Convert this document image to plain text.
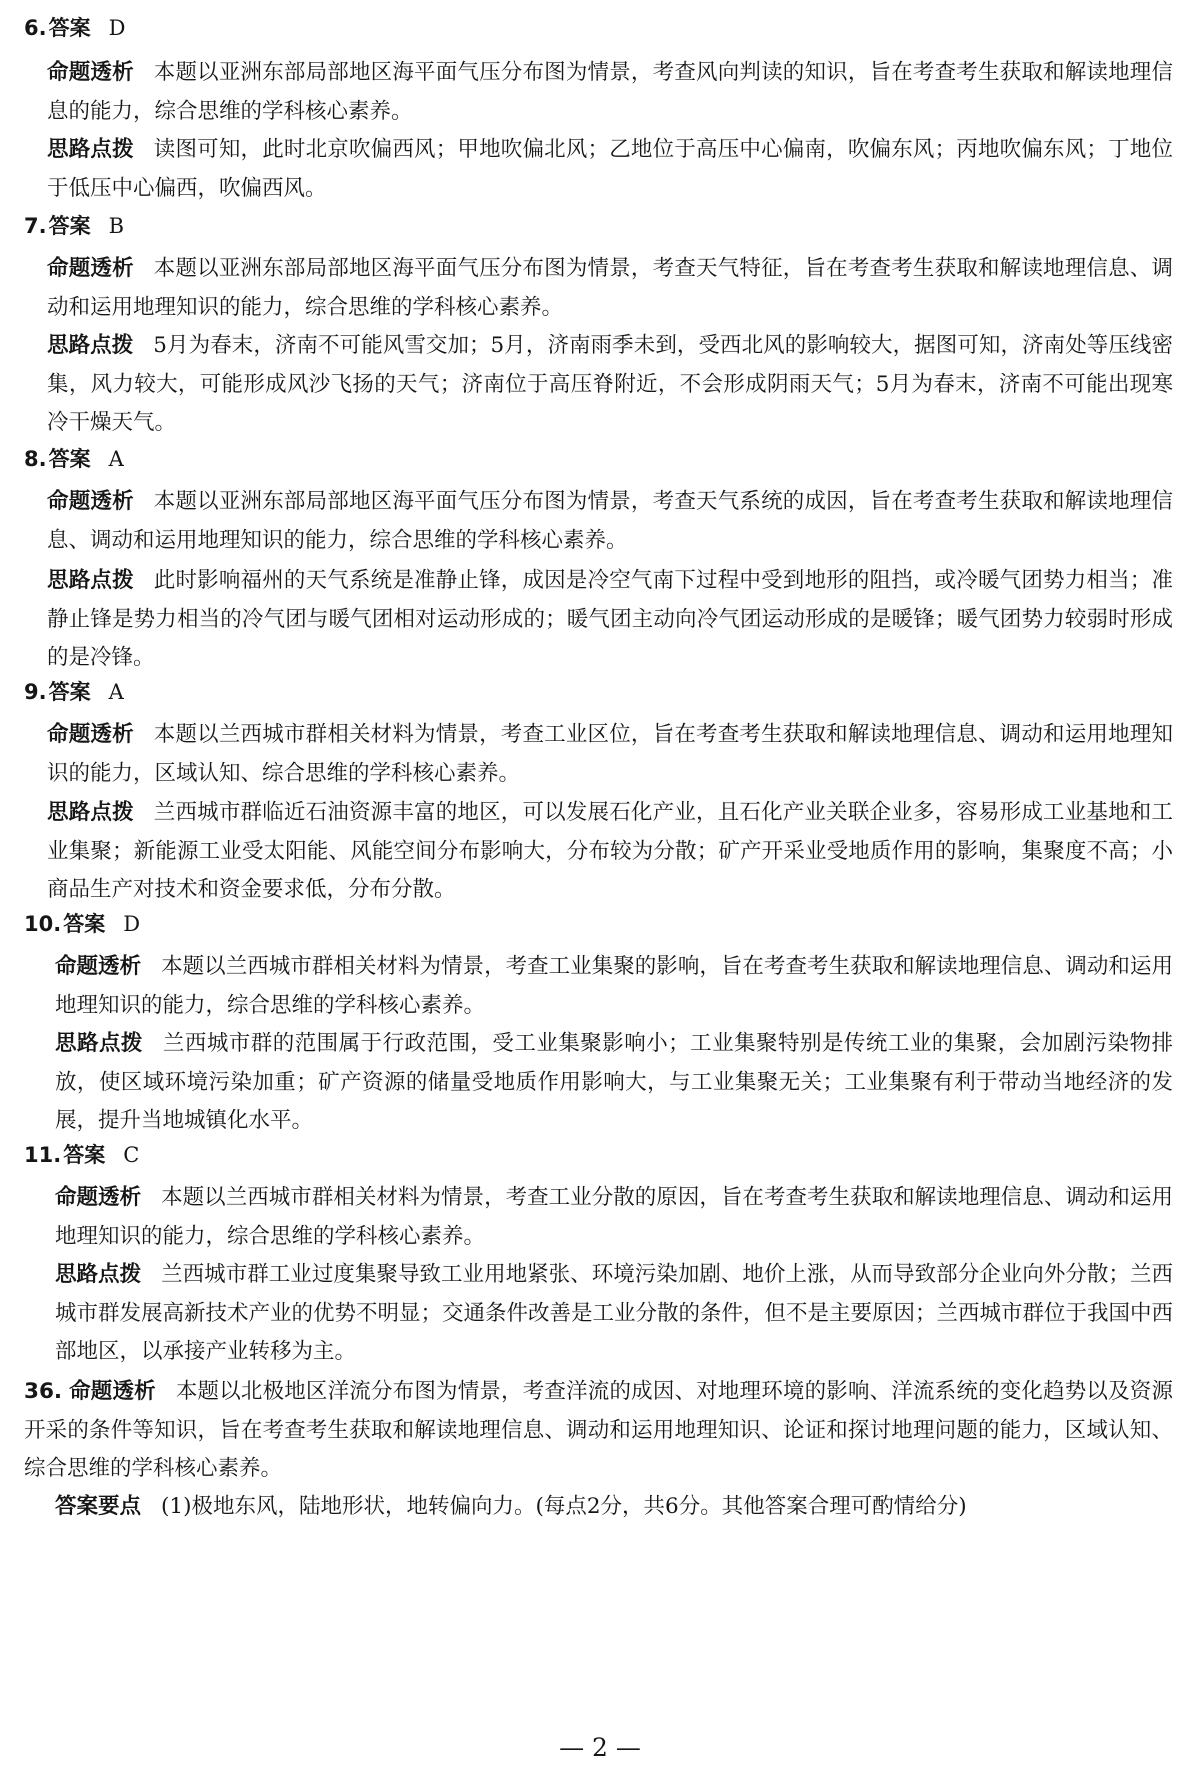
6.答案 D
命题透析 本题以亚洲东部局部地区海平面气压分布图为情景，考查风向判读的知识，旨在考查考生获取和解读地理信息的能力，综合思维的学科核心素养。
思路点拨 读图可知，此时北京吹偏西风；甲地吹偏北风；乙地位于高压中心偏南，吹偏东风；丙地吹偏东风；丁地位于低压中心偏西，吹偏西风。
7.答案 B
命题透析 本题以亚洲东部局部地区海平面气压分布图为情景，考查天气特征，旨在考查考生获取和解读地理信息、调动和运用地理知识的能力，综合思维的学科核心素养。
思路点拨 5月为春末，济南不可能风雪交加；5月，济南雨季未到，受西北风的影响较大，据图可知，济南处等压线密集，风力较大，可能形成风沙飞扬的天气；济南位于高压脊附近，不会形成阴雨天气；5月为春末，济南不可能出现寒冷干燥天气。
8.答案 A
命题透析 本题以亚洲东部局部地区海平面气压分布图为情景，考查天气系统的成因，旨在考查考生获取和解读地理信息、调动和运用地理知识的能力，综合思维的学科核心素养。
思路点拨 此时影响福州的天气系统是准静止锋，成因是冷空气南下过程中受到地形的阻挡，或冷暖气团势力相当；准静止锋是势力相当的冷气团与暖气团相对运动形成的；暖气团主动向冷气团运动形成的是暖锋；暖气团势力较弱时形成的是冷锋。
9.答案 A
命题透析 本题以兰西城市群相关材料为情景，考查工业区位，旨在考查考生获取和解读地理信息、调动和运用地理知识的能力，区域认知、综合思维的学科核心素养。
思路点拨 兰西城市群临近石油资源丰富的地区，可以发展石化产业，且石化产业关联企业多，容易形成工业基地和工业集聚；新能源工业受太阳能、风能空间分布影响大，分布较为分散；矿产开采业受地质作用的影响，集聚度不高；小商品生产对技术和资金要求低，分布分散。
10.答案 D
命题透析 本题以兰西城市群相关材料为情景，考查工业集聚的影响，旨在考查考生获取和解读地理信息、调动和运用地理知识的能力，综合思维的学科核心素养。
思路点拨 兰西城市群的范围属于行政范围，受工业集聚影响小；工业集聚特别是传统工业的集聚，会加剧污染物排放，使区域环境污染加重；矿产资源的储量受地质作用影响大，与工业集聚无关；工业集聚有利于带动当地经济的发展，提升当地城镇化水平。
11.答案 C
命题透析 本题以兰西城市群相关材料为情景，考查工业分散的原因，旨在考查考生获取和解读地理信息、调动和运用地理知识的能力，综合思维的学科核心素养。
思路点拨 兰西城市群工业过度集聚导致工业用地紧张、环境污染加剧、地价上涨，从而导致部分企业向外分散；兰西城市群发展高新技术产业的优势不明显；交通条件改善是工业分散的条件，但不是主要原因；兰西城市群位于我国中西部地区，以承接产业转移为主。
36. 命题透析 本题以北极地区洋流分布图为情景，考查洋流的成因、对地理环境的影响、洋流系统的变化趋势以及资源开采的条件等知识，旨在考查考生获取和解读地理信息、调动和运用地理知识、论证和探讨地理问题的能力，区域认知、综合思维的学科核心素养。
答案要点 (1)极地东风，陆地形状，地转偏向力。(每点2分，共6分。其他答案合理可酌情给分)
— 2 —
